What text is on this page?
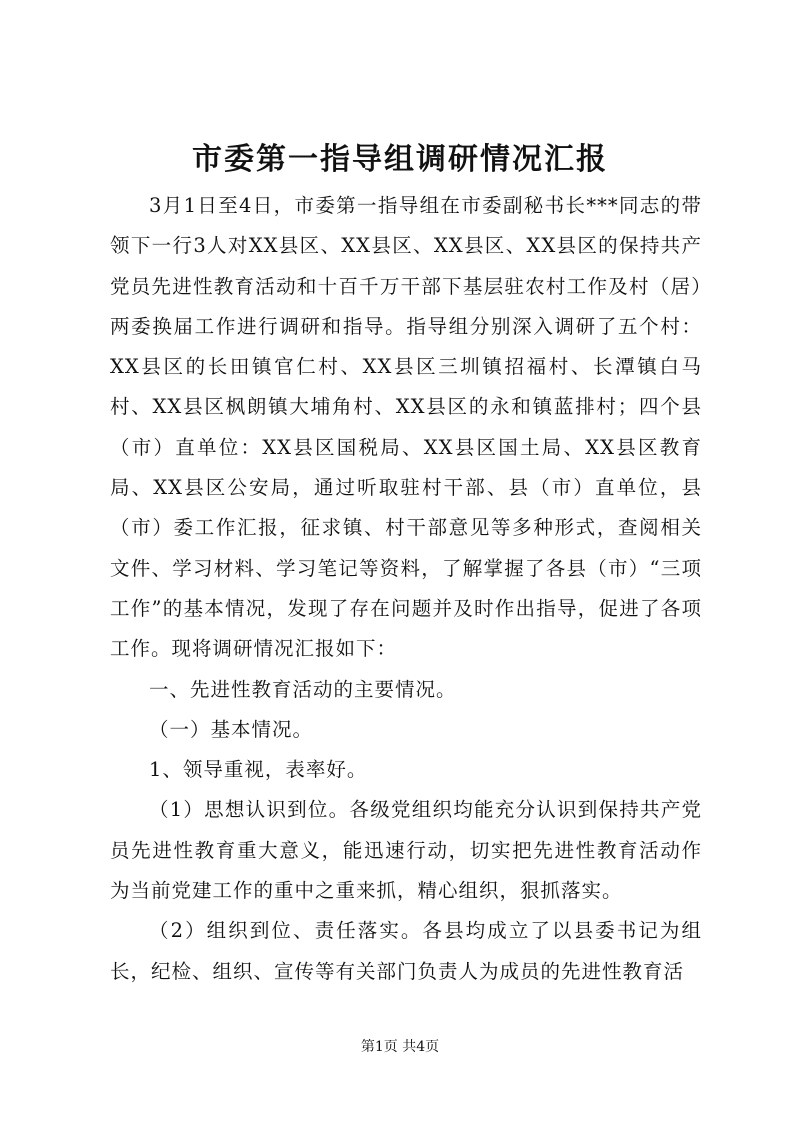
市委第一指导组调研情况汇报

3月1日至4日，市委第一指导组在市委副秘书长***同志的带领下一行3人对XX县区、XX县区、XX县区、XX县区的保持共产党员先进性教育活动和十百千万干部下基层驻农村工作及村（居）两委换届工作进行调研和指导。指导组分别深入调研了五个村：XX县区的长田镇官仁村、XX县区三圳镇招福村、长潭镇白马村、XX县区枫朗镇大埔角村、XX县区的永和镇蓝排村；四个县（市）直单位：XX县区国税局、XX县区国土局、XX县区教育局、XX县区公安局，通过听取驻村干部、县（市）直单位，县（市）委工作汇报，征求镇、村干部意见等多种形式，查阅相关文件、学习材料、学习笔记等资料，了解掌握了各县（市）“三项工作”的基本情况，发现了存在问题并及时作出指导，促进了各项工作。现将调研情况汇报如下：

一、先进性教育活动的主要情况。

（一）基本情况。

1、领导重视，表率好。

（1）思想认识到位。各级党组织均能充分认识到保持共产党员先进性教育重大意义，能迅速行动，切实把先进性教育活动作为当前党建工作的重中之重来抓，精心组织，狠抓落实。

（2）组织到位、责任落实。各县均成立了以县委书记为组长，纪检、组织、宣传等有关部门负责人为成员的先进性教育活

第1页 共4页
